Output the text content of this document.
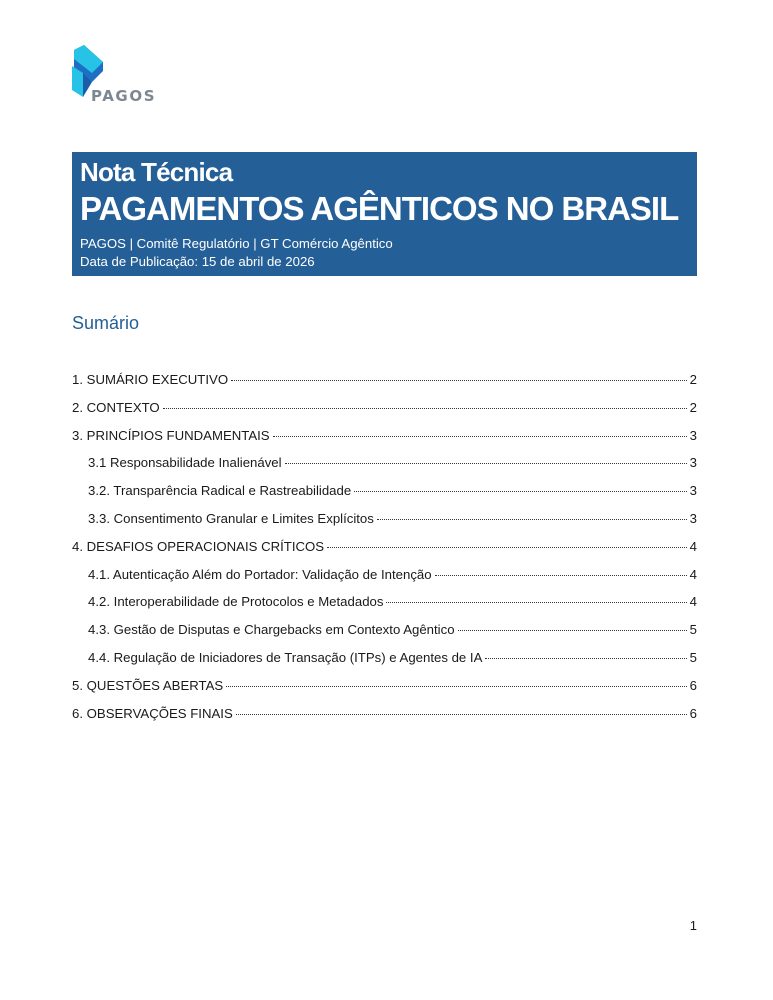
PAGOS
Nota Técnica
PAGAMENTOS AGÊNTICOS NO BRASIL
PAGOS | Comitê Regulatório | GT Comércio Agêntico
Data de Publicação: 15 de abril de 2026
Sumário
1. SUMÁRIO EXECUTIVO	2
2. CONTEXTO	2
3. PRINCÍPIOS FUNDAMENTAIS	3
3.1 Responsabilidade Inalienável	3
3.2. Transparência Radical e Rastreabilidade	3
3.3. Consentimento Granular e Limites Explícitos	3
4. DESAFIOS OPERACIONAIS CRÍTICOS	4
4.1. Autenticação Além do Portador: Validação de Intenção	4
4.2. Interoperabilidade de Protocolos e Metadados	4
4.3. Gestão de Disputas e Chargebacks em Contexto Agêntico	5
4.4. Regulação de Iniciadores de Transação (ITPs) e Agentes de IA	5
5. QUESTÕES ABERTAS	6
6. OBSERVAÇÕES FINAIS	6
1
